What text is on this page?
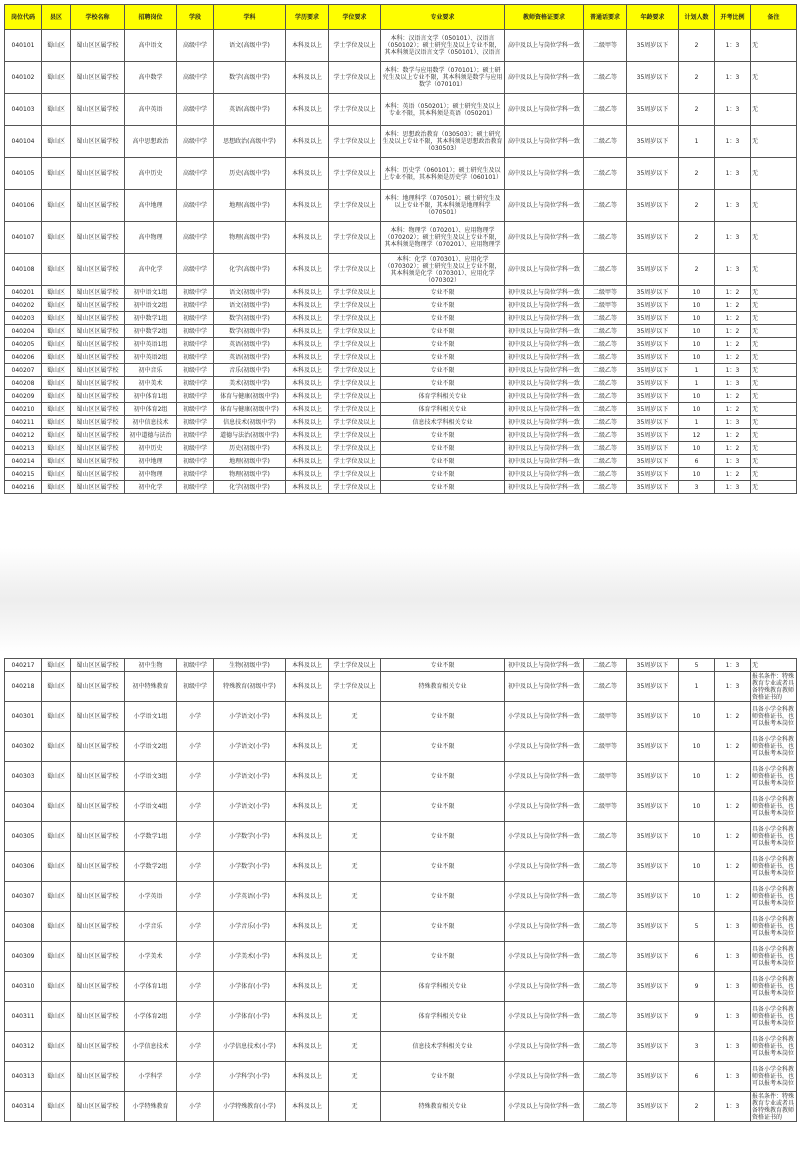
岗位代码	县区	学校名称	招聘岗位	学段	学科	学历要求	学位要求	专业要求	教师资格证要求	普通话要求	年龄要求	计划人数	开考比例	备注
040101	蜀山区	蜀山区区属学校	高中语文	高级中学	语文(高级中学)	本科及以上	学士学位及以上	本科：汉语言文学（050101）、汉语言（050102）；硕士研究生及以上专业不限，其本科须是汉语言文学（050101）、汉语言	高中及以上与岗位学科一致	二级甲等	35周岁以下	2	1：3	无
040102	蜀山区	蜀山区区属学校	高中数学	高级中学	数学(高级中学)	本科及以上	学士学位及以上	本科：数学与应用数学（070101）；硕士研究生及以上专业不限，其本科须是数学与应用数学（070101）	高中及以上与岗位学科一致	二级乙等	35周岁以下	2	1：3	无
040103	蜀山区	蜀山区区属学校	高中英语	高级中学	英语(高级中学)	本科及以上	学士学位及以上	本科：英语（050201）；硕士研究生及以上专业不限，其本科须是英语（050201）	高中及以上与岗位学科一致	二级乙等	35周岁以下	2	1：3	无
040104	蜀山区	蜀山区区属学校	高中思想政治	高级中学	思想政治(高级中学)	本科及以上	学士学位及以上	本科：思想政治教育（030503）；硕士研究生及以上专业不限，其本科须是思想政治教育（030503）	高中及以上与岗位学科一致	二级乙等	35周岁以下	1	1：3	无
040105	蜀山区	蜀山区区属学校	高中历史	高级中学	历史(高级中学)	本科及以上	学士学位及以上	本科：历史学（060101）；硕士研究生及以上专业不限，其本科须是历史学（060101）	高中及以上与岗位学科一致	二级乙等	35周岁以下	2	1：3	无
040106	蜀山区	蜀山区区属学校	高中地理	高级中学	地理(高级中学)	本科及以上	学士学位及以上	本科：地理科学（070501）；硕士研究生及以上专业不限，其本科须是地理科学（070501）	高中及以上与岗位学科一致	二级乙等	35周岁以下	2	1：3	无
040107	蜀山区	蜀山区区属学校	高中物理	高级中学	物理(高级中学)	本科及以上	学士学位及以上	本科：物理学（070201）、应用物理学（070202）；硕士研究生及以上专业不限，其本科须是物理学（070201）、应用物理学	高中及以上与岗位学科一致	二级乙等	35周岁以下	2	1：3	无
040108	蜀山区	蜀山区区属学校	高中化学	高级中学	化学(高级中学)	本科及以上	学士学位及以上	本科：化学（070301）、应用化学（070302）；硕士研究生及以上专业不限，其本科须是化学（070301）、应用化学（070302）	高中及以上与岗位学科一致	二级乙等	35周岁以下	2	1：3	无
040201	蜀山区	蜀山区区属学校	初中语文1组	初级中学	语文(初级中学)	本科及以上	学士学位及以上	专业不限	初中及以上与岗位学科一致	二级甲等	35周岁以下	10	1：2	无
040202	蜀山区	蜀山区区属学校	初中语文2组	初级中学	语文(初级中学)	本科及以上	学士学位及以上	专业不限	初中及以上与岗位学科一致	二级甲等	35周岁以下	10	1：2	无
040203	蜀山区	蜀山区区属学校	初中数学1组	初级中学	数学(初级中学)	本科及以上	学士学位及以上	专业不限	初中及以上与岗位学科一致	二级乙等	35周岁以下	10	1：2	无
040204	蜀山区	蜀山区区属学校	初中数学2组	初级中学	数学(初级中学)	本科及以上	学士学位及以上	专业不限	初中及以上与岗位学科一致	二级乙等	35周岁以下	10	1：2	无
040205	蜀山区	蜀山区区属学校	初中英语1组	初级中学	英语(初级中学)	本科及以上	学士学位及以上	专业不限	初中及以上与岗位学科一致	二级乙等	35周岁以下	10	1：2	无
040206	蜀山区	蜀山区区属学校	初中英语2组	初级中学	英语(初级中学)	本科及以上	学士学位及以上	专业不限	初中及以上与岗位学科一致	二级乙等	35周岁以下	10	1：2	无
040207	蜀山区	蜀山区区属学校	初中音乐	初级中学	音乐(初级中学)	本科及以上	学士学位及以上	专业不限	初中及以上与岗位学科一致	二级乙等	35周岁以下	1	1：3	无
040208	蜀山区	蜀山区区属学校	初中美术	初级中学	美术(初级中学)	本科及以上	学士学位及以上	专业不限	初中及以上与岗位学科一致	二级乙等	35周岁以下	1	1：3	无
040209	蜀山区	蜀山区区属学校	初中体育1组	初级中学	体育与健康(初级中学)	本科及以上	学士学位及以上	体育学科相关专业	初中及以上与岗位学科一致	二级乙等	35周岁以下	10	1：2	无
040210	蜀山区	蜀山区区属学校	初中体育2组	初级中学	体育与健康(初级中学)	本科及以上	学士学位及以上	体育学科相关专业	初中及以上与岗位学科一致	二级乙等	35周岁以下	10	1：2	无
040211	蜀山区	蜀山区区属学校	初中信息技术	初级中学	信息技术(初级中学)	本科及以上	学士学位及以上	信息技术学科相关专业	初中及以上与岗位学科一致	二级乙等	35周岁以下	1	1：3	无
040212	蜀山区	蜀山区区属学校	初中道德与法治	初级中学	道德与法治(初级中学)	本科及以上	学士学位及以上	专业不限	初中及以上与岗位学科一致	二级乙等	35周岁以下	12	1：2	无
040213	蜀山区	蜀山区区属学校	初中历史	初级中学	历史(初级中学)	本科及以上	学士学位及以上	专业不限	初中及以上与岗位学科一致	二级乙等	35周岁以下	10	1：2	无
040214	蜀山区	蜀山区区属学校	初中地理	初级中学	地理(初级中学)	本科及以上	学士学位及以上	专业不限	初中及以上与岗位学科一致	二级乙等	35周岁以下	6	1：3	无
040215	蜀山区	蜀山区区属学校	初中物理	初级中学	物理(初级中学)	本科及以上	学士学位及以上	专业不限	初中及以上与岗位学科一致	二级乙等	35周岁以下	10	1：2	无
040216	蜀山区	蜀山区区属学校	初中化学	初级中学	化学(初级中学)	本科及以上	学士学位及以上	专业不限	初中及以上与岗位学科一致	二级乙等	35周岁以下	3	1：3	无
040217	蜀山区	蜀山区区属学校	初中生物	初级中学	生物(初级中学)	本科及以上	学士学位及以上	专业不限	初中及以上与岗位学科一致	二级乙等	35周岁以下	5	1：3	无
040218	蜀山区	蜀山区区属学校	初中特殊教育	初级中学	特殊教育(初级中学)	本科及以上	学士学位及以上	特殊教育相关专业	初中及以上与岗位学科一致	二级乙等	35周岁以下	1	1：3	报名条件：特殊教育专业或者具备特殊教育教师资格证书的
040301	蜀山区	蜀山区区属学校	小学语文1组	小学	小学语文(小学)	本科及以上	无	专业不限	小学及以上与岗位学科一致	二级甲等	35周岁以下	10	1：2	具备小学全科教师资格证书，也可以报考本岗位
040302	蜀山区	蜀山区区属学校	小学语文2组	小学	小学语文(小学)	本科及以上	无	专业不限	小学及以上与岗位学科一致	二级甲等	35周岁以下	10	1：2	具备小学全科教师资格证书，也可以报考本岗位
040303	蜀山区	蜀山区区属学校	小学语文3组	小学	小学语文(小学)	本科及以上	无	专业不限	小学及以上与岗位学科一致	二级甲等	35周岁以下	10	1：2	具备小学全科教师资格证书，也可以报考本岗位
040304	蜀山区	蜀山区区属学校	小学语文4组	小学	小学语文(小学)	本科及以上	无	专业不限	小学及以上与岗位学科一致	二级甲等	35周岁以下	10	1：2	具备小学全科教师资格证书，也可以报考本岗位
040305	蜀山区	蜀山区区属学校	小学数学1组	小学	小学数学(小学)	本科及以上	无	专业不限	小学及以上与岗位学科一致	二级乙等	35周岁以下	10	1：2	具备小学全科教师资格证书，也可以报考本岗位
040306	蜀山区	蜀山区区属学校	小学数学2组	小学	小学数学(小学)	本科及以上	无	专业不限	小学及以上与岗位学科一致	二级乙等	35周岁以下	10	1：2	具备小学全科教师资格证书，也可以报考本岗位
040307	蜀山区	蜀山区区属学校	小学英语	小学	小学英语(小学)	本科及以上	无	专业不限	小学及以上与岗位学科一致	二级乙等	35周岁以下	10	1：2	具备小学全科教师资格证书，也可以报考本岗位
040308	蜀山区	蜀山区区属学校	小学音乐	小学	小学音乐(小学)	本科及以上	无	专业不限	小学及以上与岗位学科一致	二级乙等	35周岁以下	5	1：3	具备小学全科教师资格证书，也可以报考本岗位
040309	蜀山区	蜀山区区属学校	小学美术	小学	小学美术(小学)	本科及以上	无	专业不限	小学及以上与岗位学科一致	二级乙等	35周岁以下	6	1：3	具备小学全科教师资格证书，也可以报考本岗位
040310	蜀山区	蜀山区区属学校	小学体育1组	小学	小学体育(小学)	本科及以上	无	体育学科相关专业	小学及以上与岗位学科一致	二级乙等	35周岁以下	9	1：3	具备小学全科教师资格证书，也可以报考本岗位
040311	蜀山区	蜀山区区属学校	小学体育2组	小学	小学体育(小学)	本科及以上	无	体育学科相关专业	小学及以上与岗位学科一致	二级乙等	35周岁以下	9	1：3	具备小学全科教师资格证书，也可以报考本岗位
040312	蜀山区	蜀山区区属学校	小学信息技术	小学	小学信息技术(小学)	本科及以上	无	信息技术学科相关专业	小学及以上与岗位学科一致	二级乙等	35周岁以下	3	1：3	具备小学全科教师资格证书，也可以报考本岗位
040313	蜀山区	蜀山区区属学校	小学科学	小学	小学科学(小学)	本科及以上	无	专业不限	小学及以上与岗位学科一致	二级乙等	35周岁以下	6	1：3	具备小学全科教师资格证书，也可以报考本岗位
040314	蜀山区	蜀山区区属学校	小学特殊教育	小学	小学特殊教育(小学)	本科及以上	无	特殊教育相关专业	小学及以上与岗位学科一致	二级乙等	35周岁以下	2	1：3	报名条件：特殊教育专业或者具备特殊教育教师资格证书的
